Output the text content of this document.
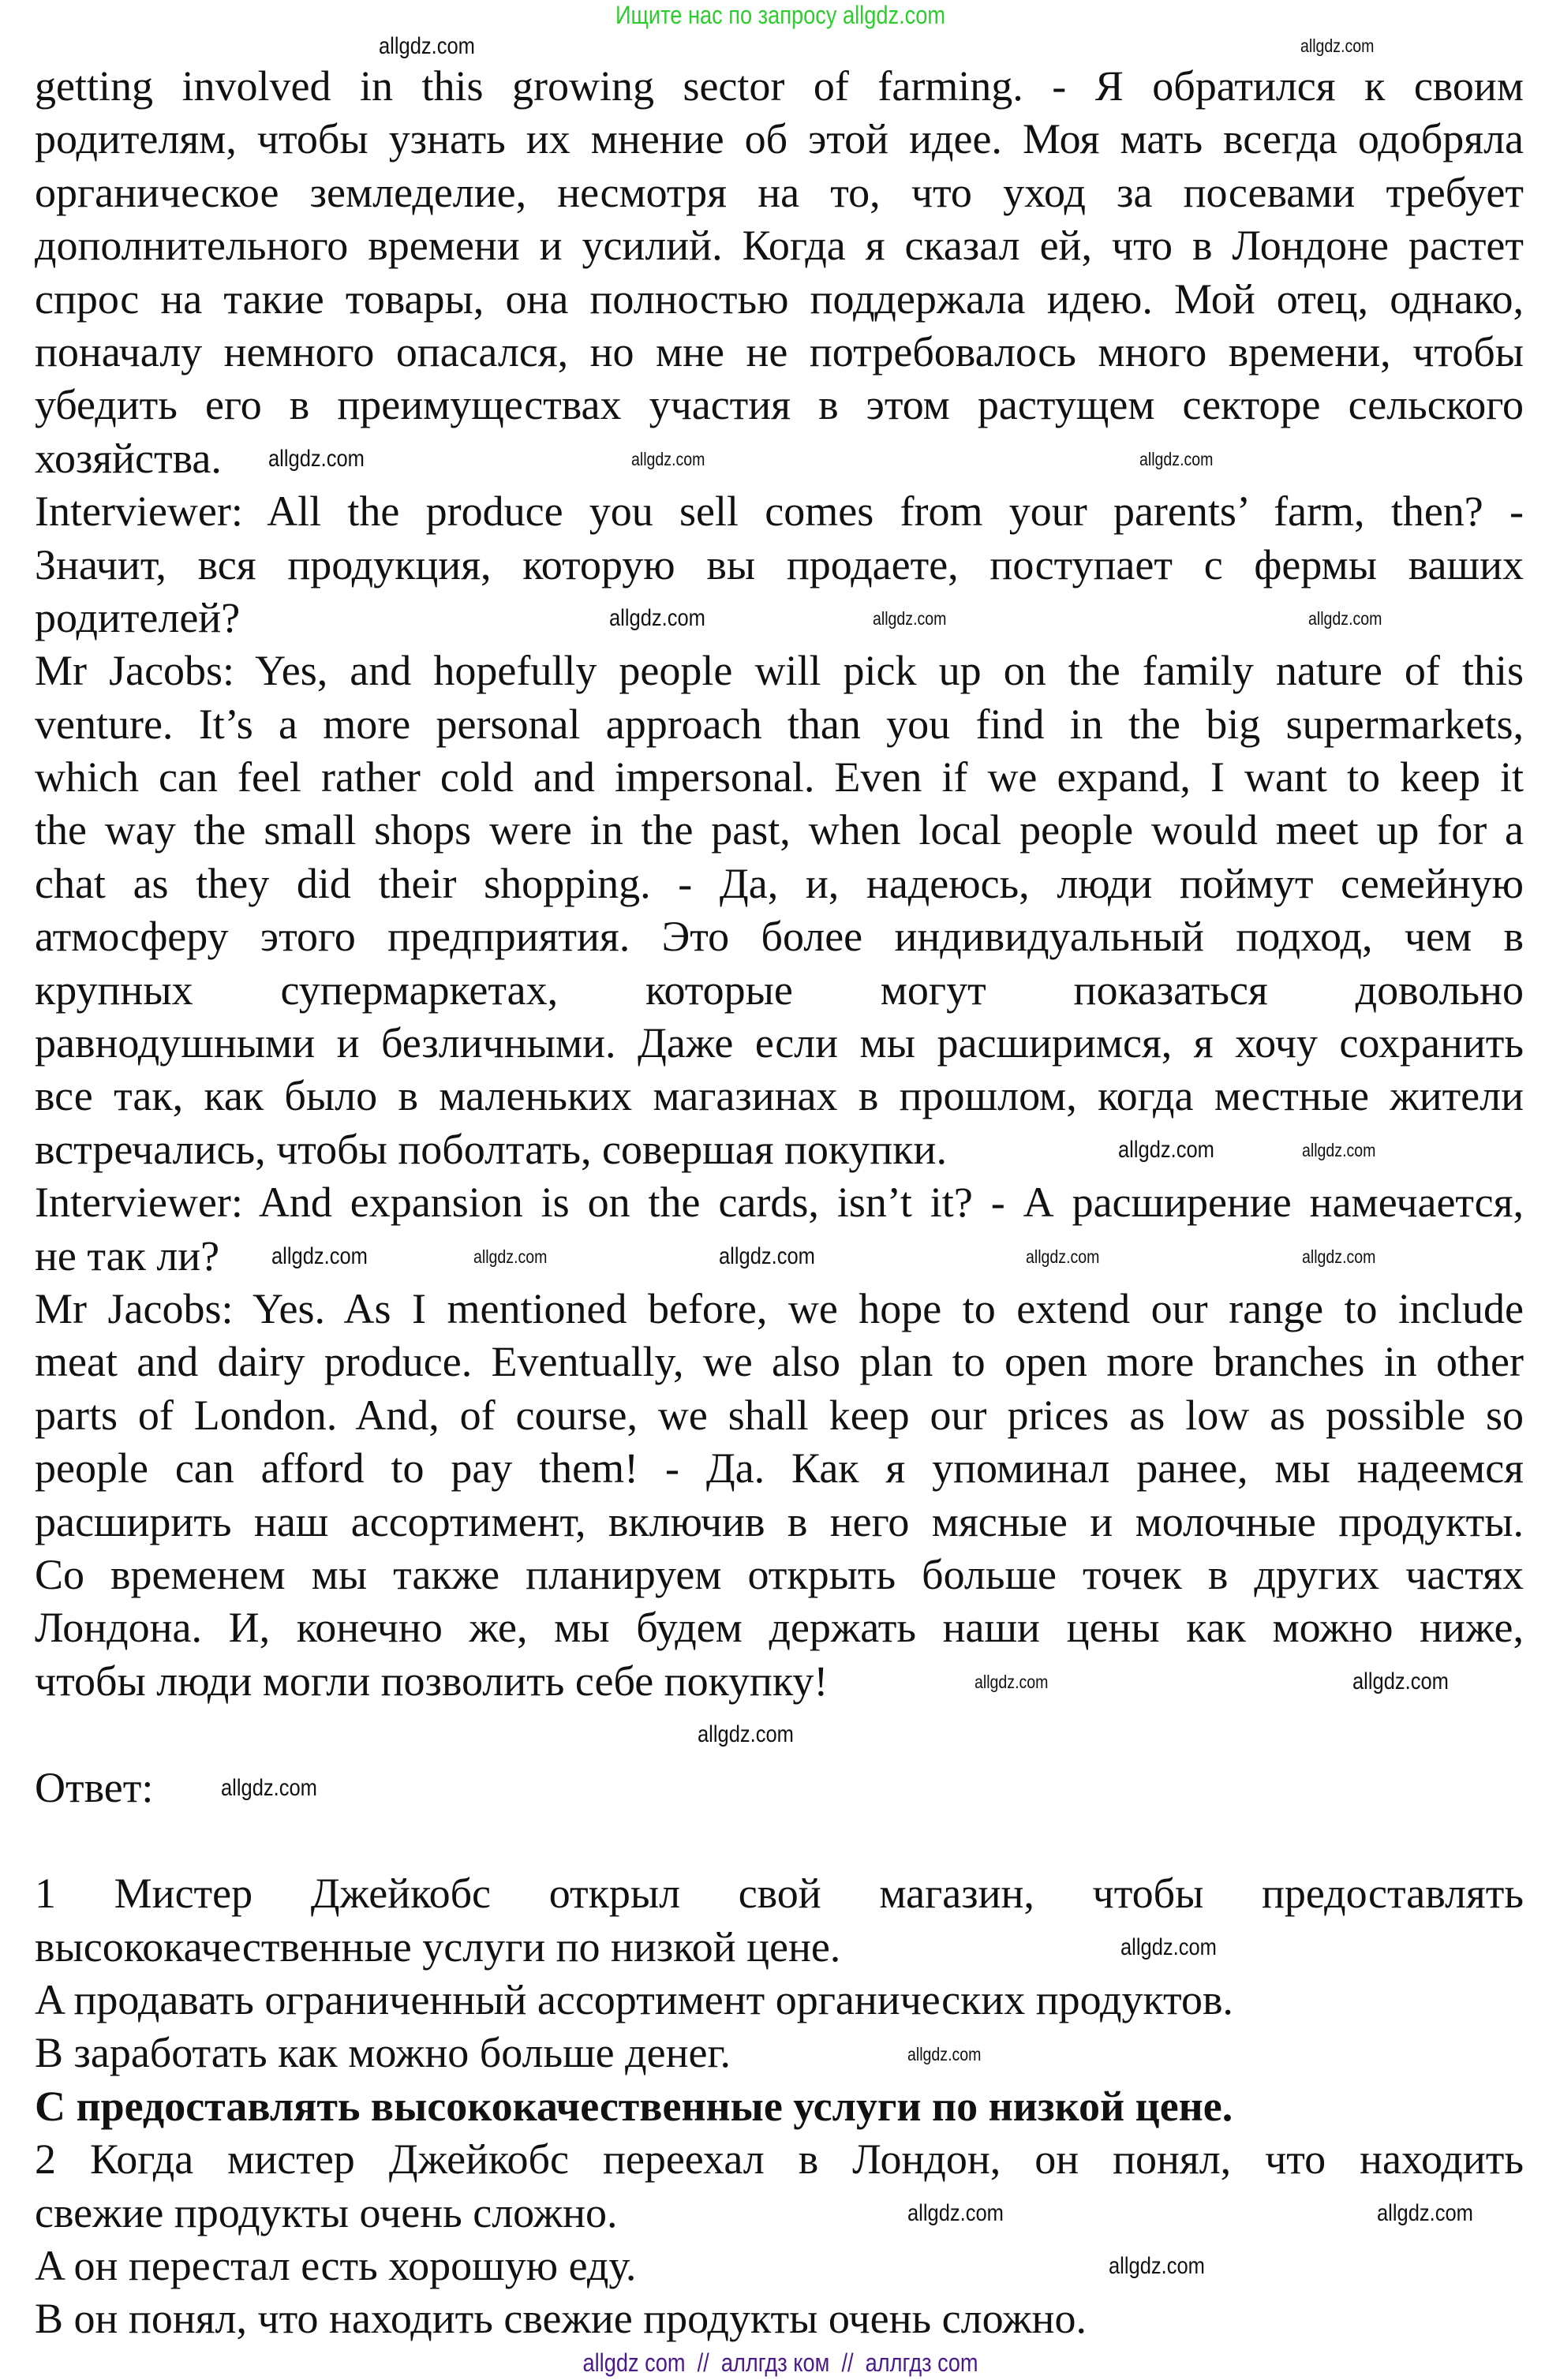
Ищите нас по запросу allgdz.com
getting involved in this growing sector of farming. - Я обратился к своим
родителям, чтобы узнать их мнение об этой идее. Моя мать всегда одобряла
органическое земледелие, несмотря на то, что уход за посевами требует
дополнительного времени и усилий. Когда я сказал ей, что в Лондоне растет
спрос на такие товары, она полностью поддержала идею. Мой отец, однако,
поначалу немного опасался, но мне не потребовалось много времени, чтобы
убедить его в преимуществах участия в этом растущем секторе сельского
хозяйства.
Interviewer: All the produce you sell comes from your parents’ farm, then? -
Значит, вся продукция, которую вы продаете, поступает с фермы ваших
родителей?
Mr Jacobs: Yes, and hopefully people will pick up on the family nature of this
venture. It’s a more personal approach than you find in the big supermarkets,
which can feel rather cold and impersonal. Even if we expand, I want to keep it
the way the small shops were in the past, when local people would meet up for a
chat as they did their shopping. - Да, и, надеюсь, люди поймут семейную
атмосферу этого предприятия. Это более индивидуальный подход, чем в
крупных супермаркетах, которые могут показаться довольно
равнодушными и безличными. Даже если мы расширимся, я хочу сохранить
все так, как было в маленьких магазинах в прошлом, когда местные жители
встречались, чтобы поболтать, совершая покупки.
Interviewer: And expansion is on the cards, isn’t it? - А расширение намечается,
не так ли?
Mr Jacobs: Yes. As I mentioned before, we hope to extend our range to include
meat and dairy produce. Eventually, we also plan to open more branches in other
parts of London. And, of course, we shall keep our prices as low as possible so
people can afford to pay them! - Да. Как я упоминал ранее, мы надеемся
расширить наш ассортимент, включив в него мясные и молочные продукты.
Со временем мы также планируем открыть больше точек в других частях
Лондона. И, конечно же, мы будем держать наши цены как можно ниже,
чтобы люди могли позволить себе покупку!
Ответ:
1 Мистер Джейкобс открыл свой магазин, чтобы предоставлять
высококачественные услуги по низкой цене.
A продавать ограниченный ассортимент органических продуктов.
B заработать как можно больше денег.
C предоставлять высококачественные услуги по низкой цене.
2 Когда мистер Джейкобс переехал в Лондон, он понял, что находить
свежие продукты очень сложно.
A он перестал есть хорошую еду.
B он понял, что находить свежие продукты очень сложно.
allgdz.com	allgdz.com
allgdz.com	allgdz.com
allgdz.com
allgdz.com
allgdz.com	allgdz.com
allgdz.com
allgdz.com	allgdz.com
allgdz.com
allgdz.com	allgdz.com	allgdz.com
allgdz.com	allgdz.com
allgdz.com
allgdz.com
allgdz.com
allgdz.com
allgdz.com	allgdz.com
allgdz.com
allgdz com  //  аллгдз ком  //  аллгдз com
